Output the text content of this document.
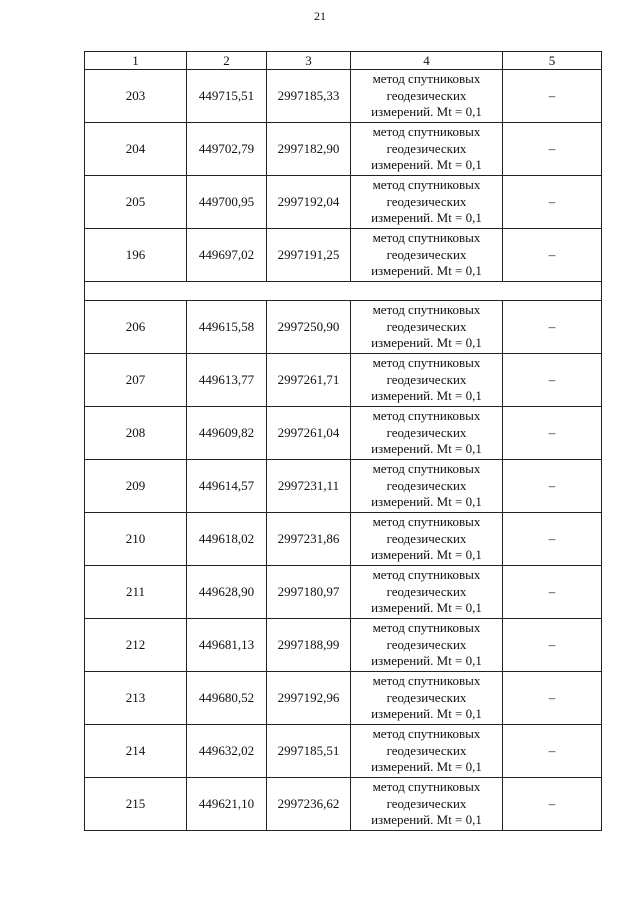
21
1	2	3	4	5
203	449715,51	2997185,33	метод спутниковых
геодезических
измерений. Mt = 0,1	–
204	449702,79	2997182,90	метод спутниковых
геодезических
измерений. Mt = 0,1	–
205	449700,95	2997192,04	метод спутниковых
геодезических
измерений. Mt = 0,1	–
196	449697,02	2997191,25	метод спутниковых
геодезических
измерений. Mt = 0,1	–

206	449615,58	2997250,90	метод спутниковых
геодезических
измерений. Mt = 0,1	–
207	449613,77	2997261,71	метод спутниковых
геодезических
измерений. Mt = 0,1	–
208	449609,82	2997261,04	метод спутниковых
геодезических
измерений. Mt = 0,1	–
209	449614,57	2997231,11	метод спутниковых
геодезических
измерений. Mt = 0,1	–
210	449618,02	2997231,86	метод спутниковых
геодезических
измерений. Mt = 0,1	–
211	449628,90	2997180,97	метод спутниковых
геодезических
измерений. Mt = 0,1	–
212	449681,13	2997188,99	метод спутниковых
геодезических
измерений. Mt = 0,1	–
213	449680,52	2997192,96	метод спутниковых
геодезических
измерений. Mt = 0,1	–
214	449632,02	2997185,51	метод спутниковых
геодезических
измерений. Mt = 0,1	–
215	449621,10	2997236,62	метод спутниковых
геодезических
измерений. Mt = 0,1	–
